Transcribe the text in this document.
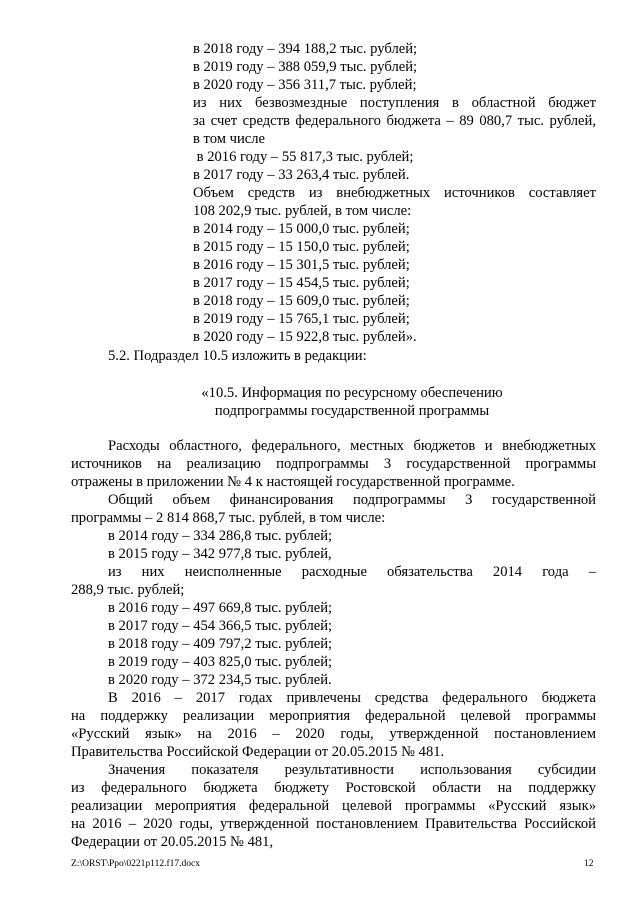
в 2018 году – 394 188,2 тыс. рублей;
в 2019 году – 388 059,9 тыс. рублей;
в 2020 году – 356 311,7 тыс. рублей;
из них безвозмездные поступления в областной бюджет
за счет средств федерального бюджета – 89 080,7 тыс. рублей,
в том числе
в 2016 году – 55 817,3 тыс. рублей;
в 2017 году – 33 263,4 тыс. рублей.
Объем средств из внебюджетных источников составляет
108 202,9 тыс. рублей, в том числе:
в 2014 году – 15 000,0 тыс. рублей;
в 2015 году – 15 150,0 тыс. рублей;
в 2016 году – 15 301,5 тыс. рублей;
в 2017 году – 15 454,5 тыс. рублей;
в 2018 году – 15 609,0 тыс. рублей;
в 2019 году – 15 765,1 тыс. рублей;
в 2020 году – 15 922,8 тыс. рублей».
5.2. Подраздел 10.5 изложить в редакции:
«10.5. Информация по ресурсному обеспечению
подпрограммы государственной программы
Расходы областного, федерального, местных бюджетов и внебюджетных
источников на реализацию подпрограммы 3 государственной программы
отражены в приложении № 4 к настоящей государственной программе.
Общий объем финансирования подпрограммы 3 государственной
программы – 2 814 868,7 тыс. рублей, в том числе:
в 2014 году – 334 286,8 тыс. рублей;
в 2015 году – 342 977,8 тыс. рублей,
из них неисполненные расходные обязательства 2014 года –
288,9 тыс. рублей;
в 2016 году – 497 669,8 тыс. рублей;
в 2017 году – 454 366,5 тыс. рублей;
в 2018 году – 409 797,2 тыс. рублей;
в 2019 году – 403 825,0 тыс. рублей;
в 2020 году – 372 234,5 тыс. рублей.
В 2016 – 2017 годах привлечены средства федерального бюджета
на поддержку реализации мероприятия федеральной целевой программы
«Русский язык» на 2016 – 2020 годы, утвержденной постановлением
Правительства Российской Федерации от 20.05.2015 № 481.
Значения показателя результативности использования субсидии
из федерального бюджета бюджету Ростовской области на поддержку
реализации мероприятия федеральной целевой программы «Русский язык»
на 2016 – 2020 годы, утвержденной постановлением Правительства Российской
Федерации от 20.05.2015 № 481,
Z:\ORST\Ppo\0221p112.f17.docx	12
